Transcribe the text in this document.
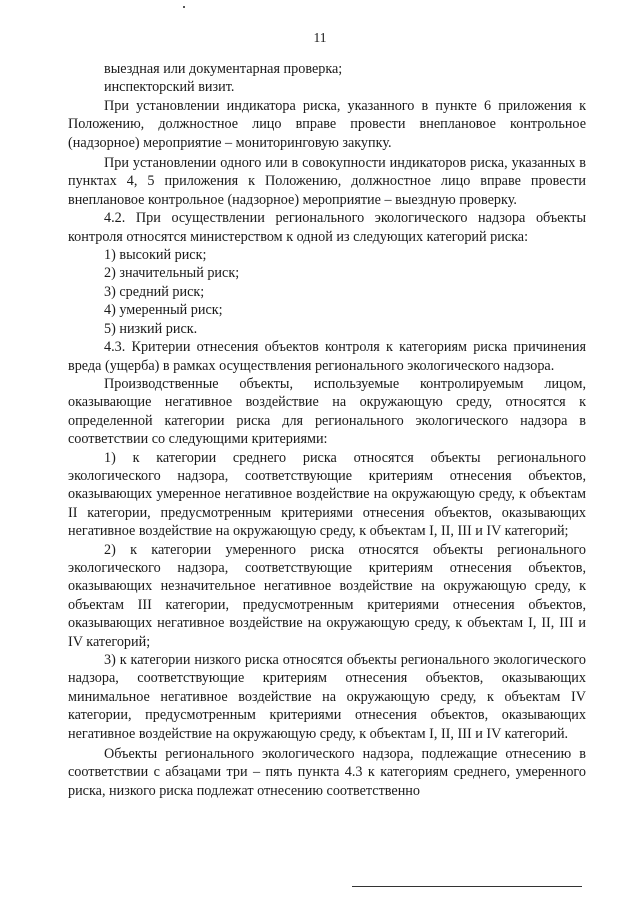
11

выездная или документарная проверка;

инспекторский визит.

При установлении индикатора риска, указанного в пункте 6 приложения к Положению, должностное лицо вправе провести внеплановое контрольное (надзорное) мероприятие – мониторинговую закупку.

При установлении одного или в совокупности индикаторов риска, указанных в пунктах 4, 5 приложения к Положению, должностное лицо вправе провести внеплановое контрольное (надзорное) мероприятие – выездную проверку.

4.2. При осуществлении регионального экологического надзора объекты контроля относятся министерством к одной из следующих категорий риска:

1) высокий риск;

2) значительный риск;

3) средний риск;

4) умеренный риск;

5) низкий риск.

4.3. Критерии отнесения объектов контроля к категориям риска причинения вреда (ущерба) в рамках осуществления регионального экологического надзора.

Производственные объекты, используемые контролируемым лицом, оказывающие негативное воздействие на окружающую среду, относятся к определенной категории риска для регионального экологического надзора в соответствии со следующими критериями:

1) к категории среднего риска относятся объекты регионального экологического надзора, соответствующие критериям отнесения объектов, оказывающих умеренное негативное воздействие на окружающую среду, к объектам II категории, предусмотренным критериями отнесения объектов, оказывающих негативное воздействие на окружающую среду, к объектам I, II, III и IV категорий;

2) к категории умеренного риска относятся объекты регионального экологического надзора, соответствующие критериям отнесения объектов, оказывающих незначительное негативное воздействие на окружающую среду, к объектам III категории, предусмотренным критериями отнесения объектов, оказывающих негативное воздействие на окружающую среду, к объектам I, II, III и IV категорий;

3) к категории низкого риска относятся объекты регионального экологического надзора, соответствующие критериям отнесения объектов, оказывающих минимальное негативное воздействие на окружающую среду, к объектам IV категории, предусмотренным критериями отнесения объектов, оказывающих негативное воздействие на окружающую среду, к объектам I, II, III и IV категорий.

Объекты регионального экологического надзора, подлежащие отнесению в соответствии с абзацами три – пять пункта 4.3 к категориям среднего, умеренного риска, низкого риска подлежат отнесению соответственно
